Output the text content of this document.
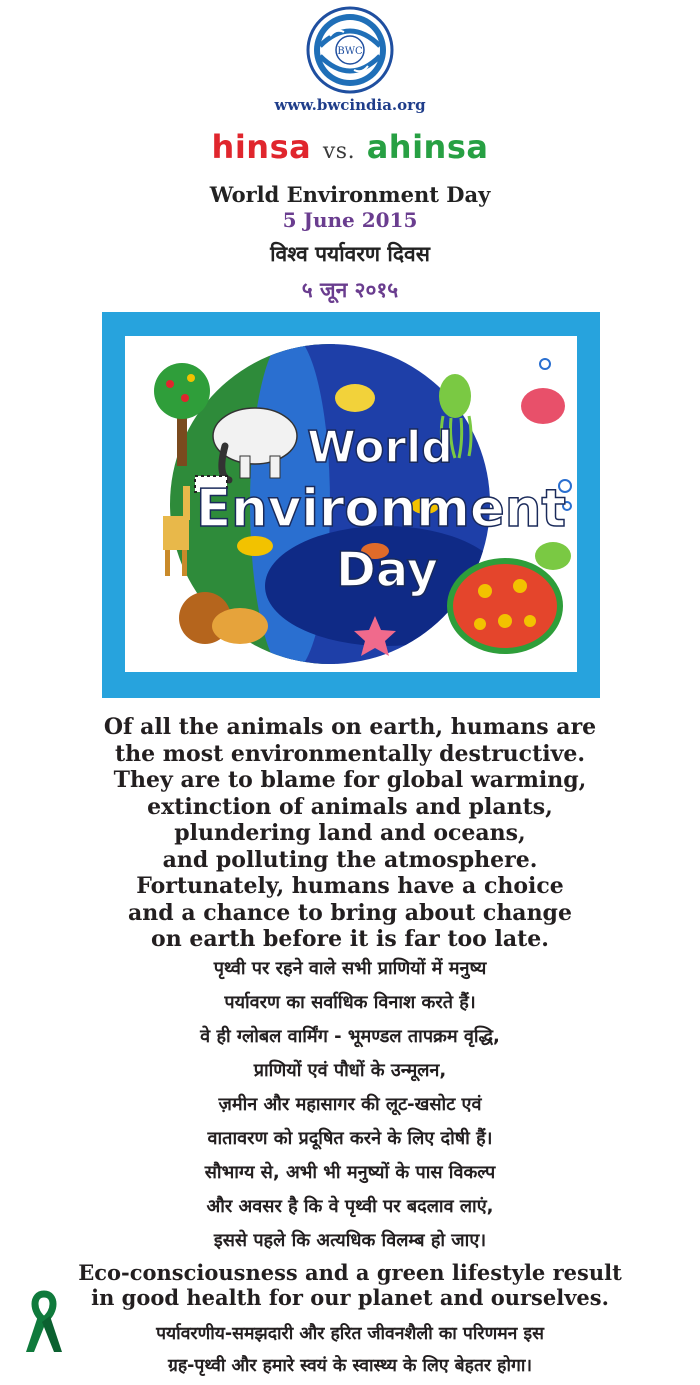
BWC
www.bwcindia.org
hinsa vs. ahinsa
World Environment Day
5 June 2015
विश्व पर्यावरण दिवस
५ जून २०१५
World
Environment
Day
Of all the animals on earth, humans are
the most environmentally destructive.
They are to blame for global warming,
extinction of animals and plants,
plundering land and oceans,
and polluting the atmosphere.
Fortunately, humans have a choice
and a chance to bring about change
on earth before it is far too late.
पृथ्वी पर रहने वाले सभी प्राणियों में मनुष्य
पर्यावरण का सर्वाधिक विनाश करते हैं।
वे ही ग्लोबल वार्मिंग - भूमण्डल तापक्रम वृद्धि,
प्राणियों एवं पौधों के उन्मूलन,
ज़मीन और महासागर की लूट-खसोट एवं
वातावरण को प्रदूषित करने के लिए दोषी हैं।
सौभाग्य से, अभी भी मनुष्यों के पास विकल्प
और अवसर है कि वे पृथ्वी पर बदलाव लाएं,
इससे पहले कि अत्यधिक विलम्ब हो जाए।
Eco-consciousness and a green lifestyle result
in good health for our planet and ourselves.
पर्यावरणीय-समझदारी और हरित जीवनशैली का परिणमन इस
ग्रह-पृथ्वी और हमारे स्वयं के स्वास्थ्य के लिए बेहतर होगा।
